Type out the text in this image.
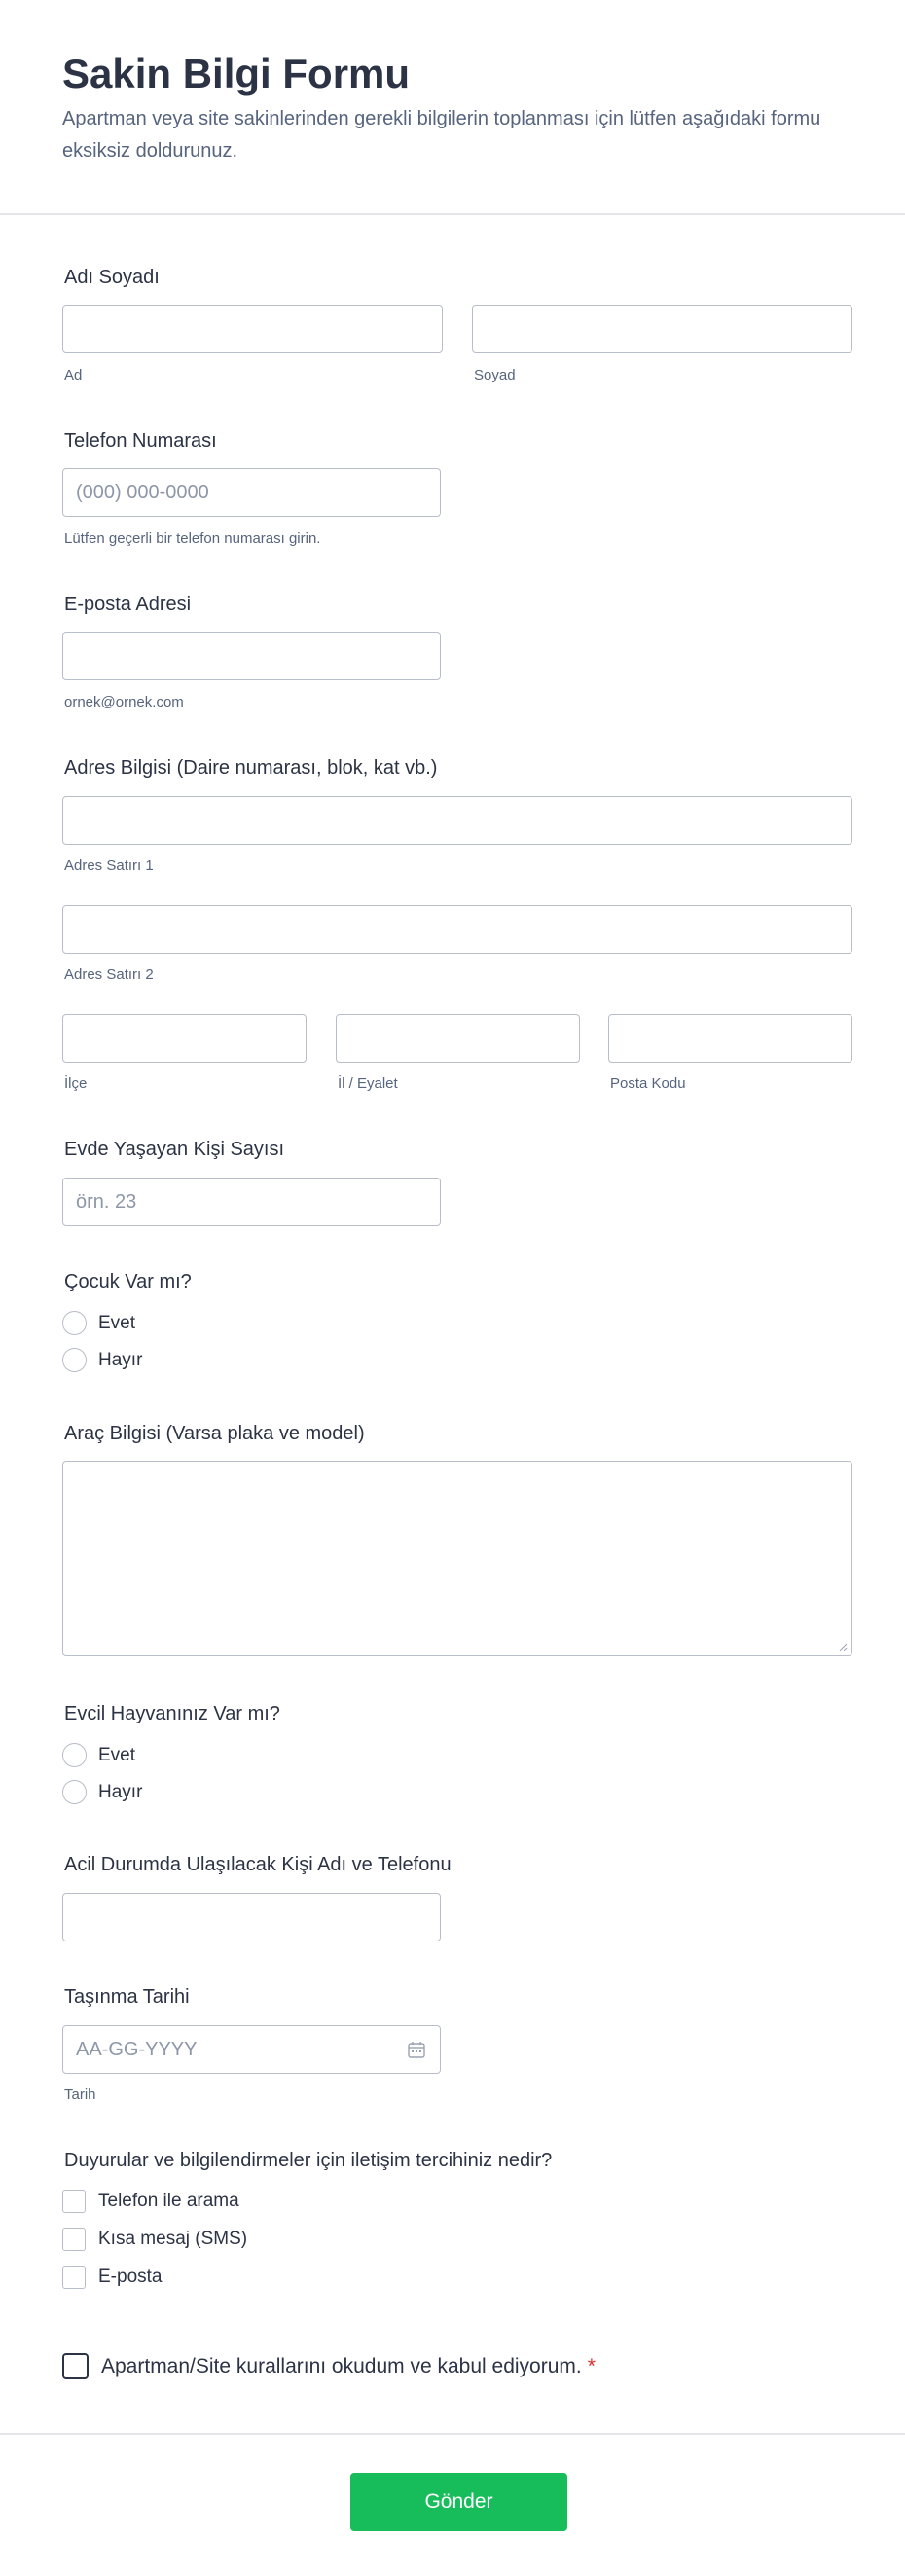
Sakin Bilgi Formu
Apartman veya site sakinlerinden gerekli bilgilerin toplanması için lütfen aşağıdaki formu eksiksiz doldurunuz.
Adı Soyadı
Ad	Soyad
Telefon Numarası
(000) 000-0000
Lütfen geçerli bir telefon numarası girin.
E-posta Adresi
ornek@ornek.com
Adres Bilgisi (Daire numarası, blok, kat vb.)
Adres Satırı 1
Adres Satırı 2
İlçe	İl / Eyalet	Posta Kodu
Evde Yaşayan Kişi Sayısı
örn. 23
Çocuk Var mı?
Evet
Hayır
Araç Bilgisi (Varsa plaka ve model)
Evcil Hayvanınız Var mı?
Evet
Hayır
Acil Durumda Ulaşılacak Kişi Adı ve Telefonu
Taşınma Tarihi
AA-GG-YYYY
Tarih
Duyurular ve bilgilendirmeler için iletişim tercihiniz nedir?
Telefon ile arama
Kısa mesaj (SMS)
E-posta
Apartman/Site kurallarını okudum ve kabul ediyorum. *
Gönder
